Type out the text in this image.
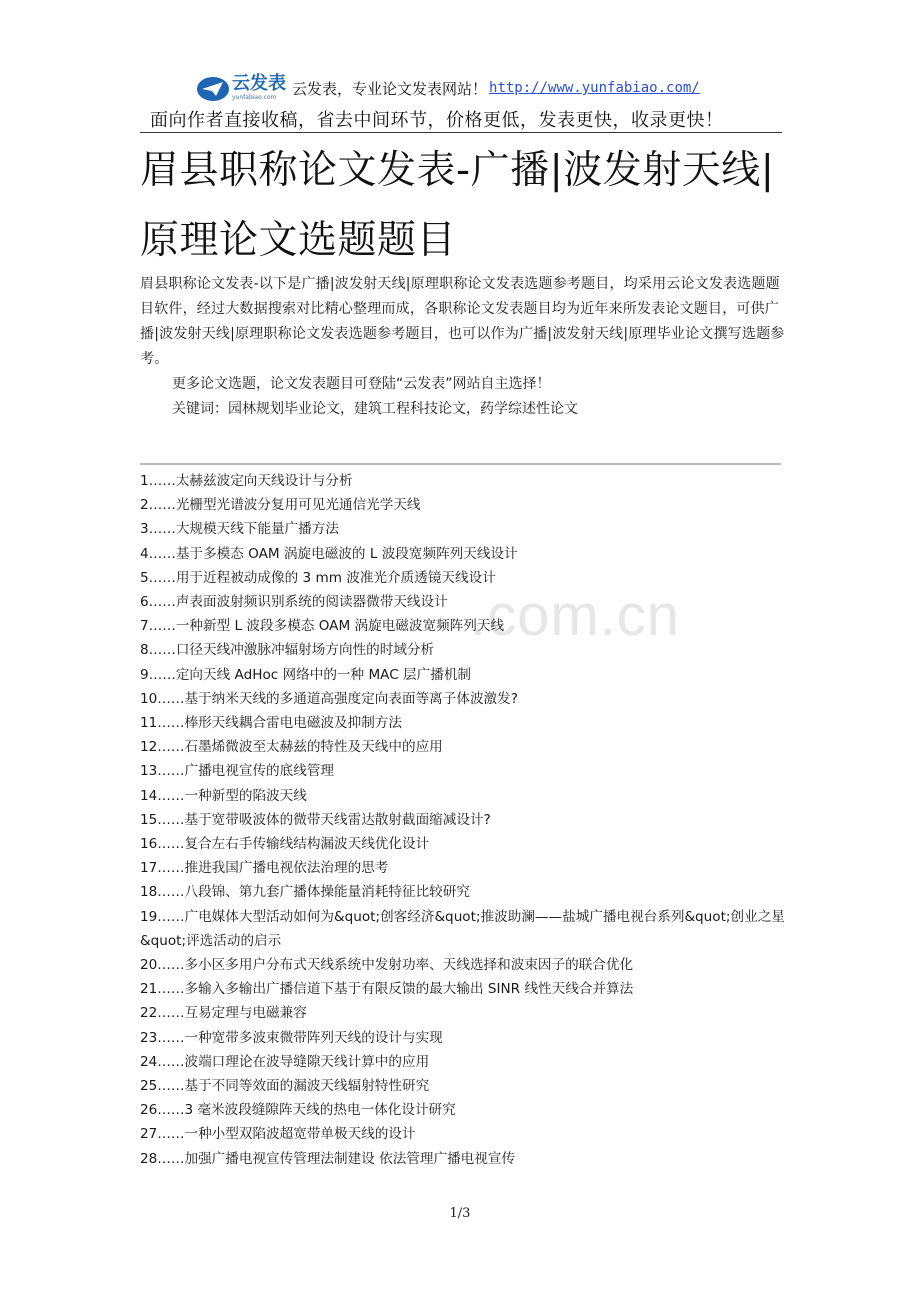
云发表
yunfabiao.com	云发表，专业论文发表网站！ http://www.yunfabiao.com/
面向作者直接收稿，省去中间环节，价格更低，发表更快，收录更快！
眉县职称论文发表-广播|波发射天线|原理论文选题题目

眉县职称论文发表-以下是广播|波发射天线|原理职称论文发表选题参考题目，均采用云论文发表选题题目软件，经过大数据搜索对比精心整理而成，各职称论文发表题目均为近年来所发表论文题目，可供广播|波发射天线|原理职称论文发表选题参考题目，也可以作为广播|波发射天线|原理毕业论文撰写选题参考。

更多论文选题，论文发表题目可登陆“云发表”网站自主选择！
关键词：园林规划毕业论文，建筑工程科技论文，药学综述性论文
.com.cn
1……太赫兹波定向天线设计与分析
2……光栅型光谱波分复用可见光通信光学天线
3……大规模天线下能量广播方法
4……基于多模态 OAM 涡旋电磁波的 L 波段宽频阵列天线设计
5……用于近程被动成像的 3 mm 波准光介质透镜天线设计
6……声表面波射频识别系统的阅读器微带天线设计
7……一种新型 L 波段多模态 OAM 涡旋电磁波宽频阵列天线
8……口径天线冲激脉冲辐射场方向性的时域分析
9……定向天线 AdHoc 网络中的一种 MAC 层广播机制
10……基于纳米天线的多通道高强度定向表面等离子体波激发?
11……棒形天线耦合雷电电磁波及抑制方法
12……石墨烯微波至太赫兹的特性及天线中的应用
13……广播电视宣传的底线管理
14……一种新型的陷波天线
15……基于宽带吸波体的微带天线雷达散射截面缩减设计?
16……复合左右手传输线结构漏波天线优化设计
17……推进我国广播电视依法治理的思考
18……八段锦、第九套广播体操能量消耗特征比较研究
19……广电媒体大型活动如何为&quot;创客经济&quot;推波助澜——盐城广播电视台系列&quot;创业之星&quot;评选活动的启示
20……多小区多用户分布式天线系统中发射功率、天线选择和波束因子的联合优化
21……多输入多输出广播信道下基于有限反馈的最大输出 SINR 线性天线合并算法
22……互易定理与电磁兼容
23……一种宽带多波束微带阵列天线的设计与实现
24……波端口理论在波导缝隙天线计算中的应用
25……基于不同等效面的漏波天线辐射特性研究
26……3 毫米波段缝隙阵天线的热电一体化设计研究
27……一种小型双陷波超宽带单极天线的设计
28……加强广播电视宣传管理法制建设 依法管理广播电视宣传
1/3
